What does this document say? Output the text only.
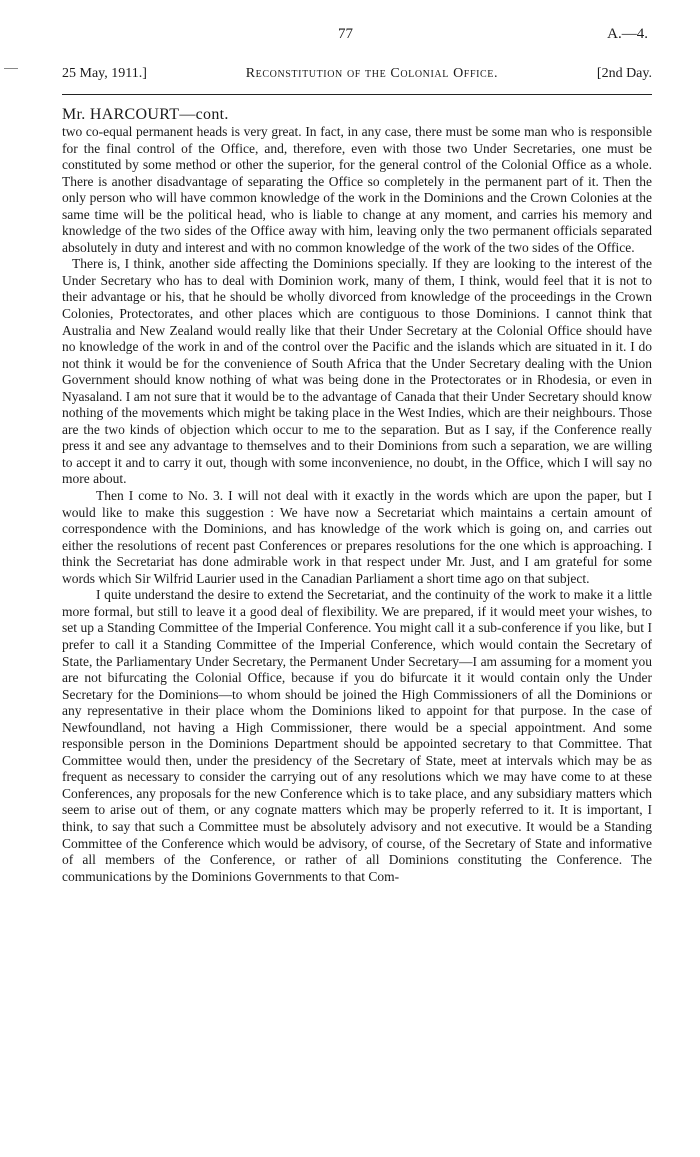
77	A.—4.
25 May, 1911.]	Reconstitution of the Colonial Office.	[2nd Day.
Mr. HARCOURT—cont.

two co-equal permanent heads is very great. In fact, in any case, there must be some man who is responsible for the final control of the Office, and, therefore, even with those two Under Secretaries, one must be constituted by some method or other the superior, for the general control of the Colonial Office as a whole. There is another disadvantage of separating the Office so completely in the permanent part of it. Then the only person who will have common knowledge of the work in the Dominions and the Crown Colonies at the same time will be the political head, who is liable to change at any moment, and carries his memory and knowledge of the two sides of the Office away with him, leaving only the two permanent officials separated absolutely in duty and interest and with no common knowledge of the work of the two sides of the Office.

There is, I think, another side affecting the Dominions specially. If they are looking to the interest of the Under Secretary who has to deal with Dominion work, many of them, I think, would feel that it is not to their advantage or his, that he should be wholly divorced from knowledge of the proceedings in the Crown Colonies, Protectorates, and other places which are contiguous to those Dominions. I cannot think that Australia and New Zealand would really like that their Under Secretary at the Colonial Office should have no knowledge of the work in and of the control over the Pacific and the islands which are situated in it. I do not think it would be for the convenience of South Africa that the Under Secretary dealing with the Union Government should know nothing of what was being done in the Protectorates or in Rhodesia, or even in Nyasaland. I am not sure that it would be to the advantage of Canada that their Under Secretary should know nothing of the movements which might be taking place in the West Indies, which are their neighbours. Those are the two kinds of objection which occur to me to the separation. But as I say, if the Conference really press it and see any advantage to themselves and to their Dominions from such a separation, we are willing to accept it and to carry it out, though with some inconvenience, no doubt, in the Office, which I will say no more about.

Then I come to No. 3. I will not deal with it exactly in the words which are upon the paper, but I would like to make this suggestion : We have now a Secretariat which maintains a certain amount of correspondence with the Dominions, and has knowledge of the work which is going on, and carries out either the resolutions of recent past Conferences or prepares resolutions for the one which is approaching. I think the Secretariat has done admirable work in that respect under Mr. Just, and I am grateful for some words which Sir Wilfrid Laurier used in the Canadian Parliament a short time ago on that subject.

I quite understand the desire to extend the Secretariat, and the continuity of the work to make it a little more formal, but still to leave it a good deal of flexibility. We are prepared, if it would meet your wishes, to set up a Standing Committee of the Imperial Conference. You might call it a sub-conference if you like, but I prefer to call it a Standing Committee of the Imperial Conference, which would contain the Secretary of State, the Parliamentary Under Secretary, the Permanent Under Secretary—I am assuming for a moment you are not bifurcating the Colonial Office, because if you do bifurcate it it would contain only the Under Secretary for the Dominions—to whom should be joined the High Commissioners of all the Dominions or any representative in their place whom the Dominions liked to appoint for that purpose. In the case of Newfoundland, not having a High Commissioner, there would be a special appointment. And some responsible person in the Dominions Department should be appointed secretary to that Committee. That Committee would then, under the presidency of the Secretary of State, meet at intervals which may be as frequent as necessary to consider the carrying out of any resolutions which we may have come to at these Conferences, any proposals for the new Conference which is to take place, and any subsidiary matters which seem to arise out of them, or any cognate matters which may be properly referred to it. It is important, I think, to say that such a Committee must be absolutely advisory and not executive. It would be a Standing Committee of the Conference which would be advisory, of course, of the Secretary of State and informative of all members of the Conference, or rather of all Dominions constituting the Conference. The communications by the Dominions Governments to that Com-
